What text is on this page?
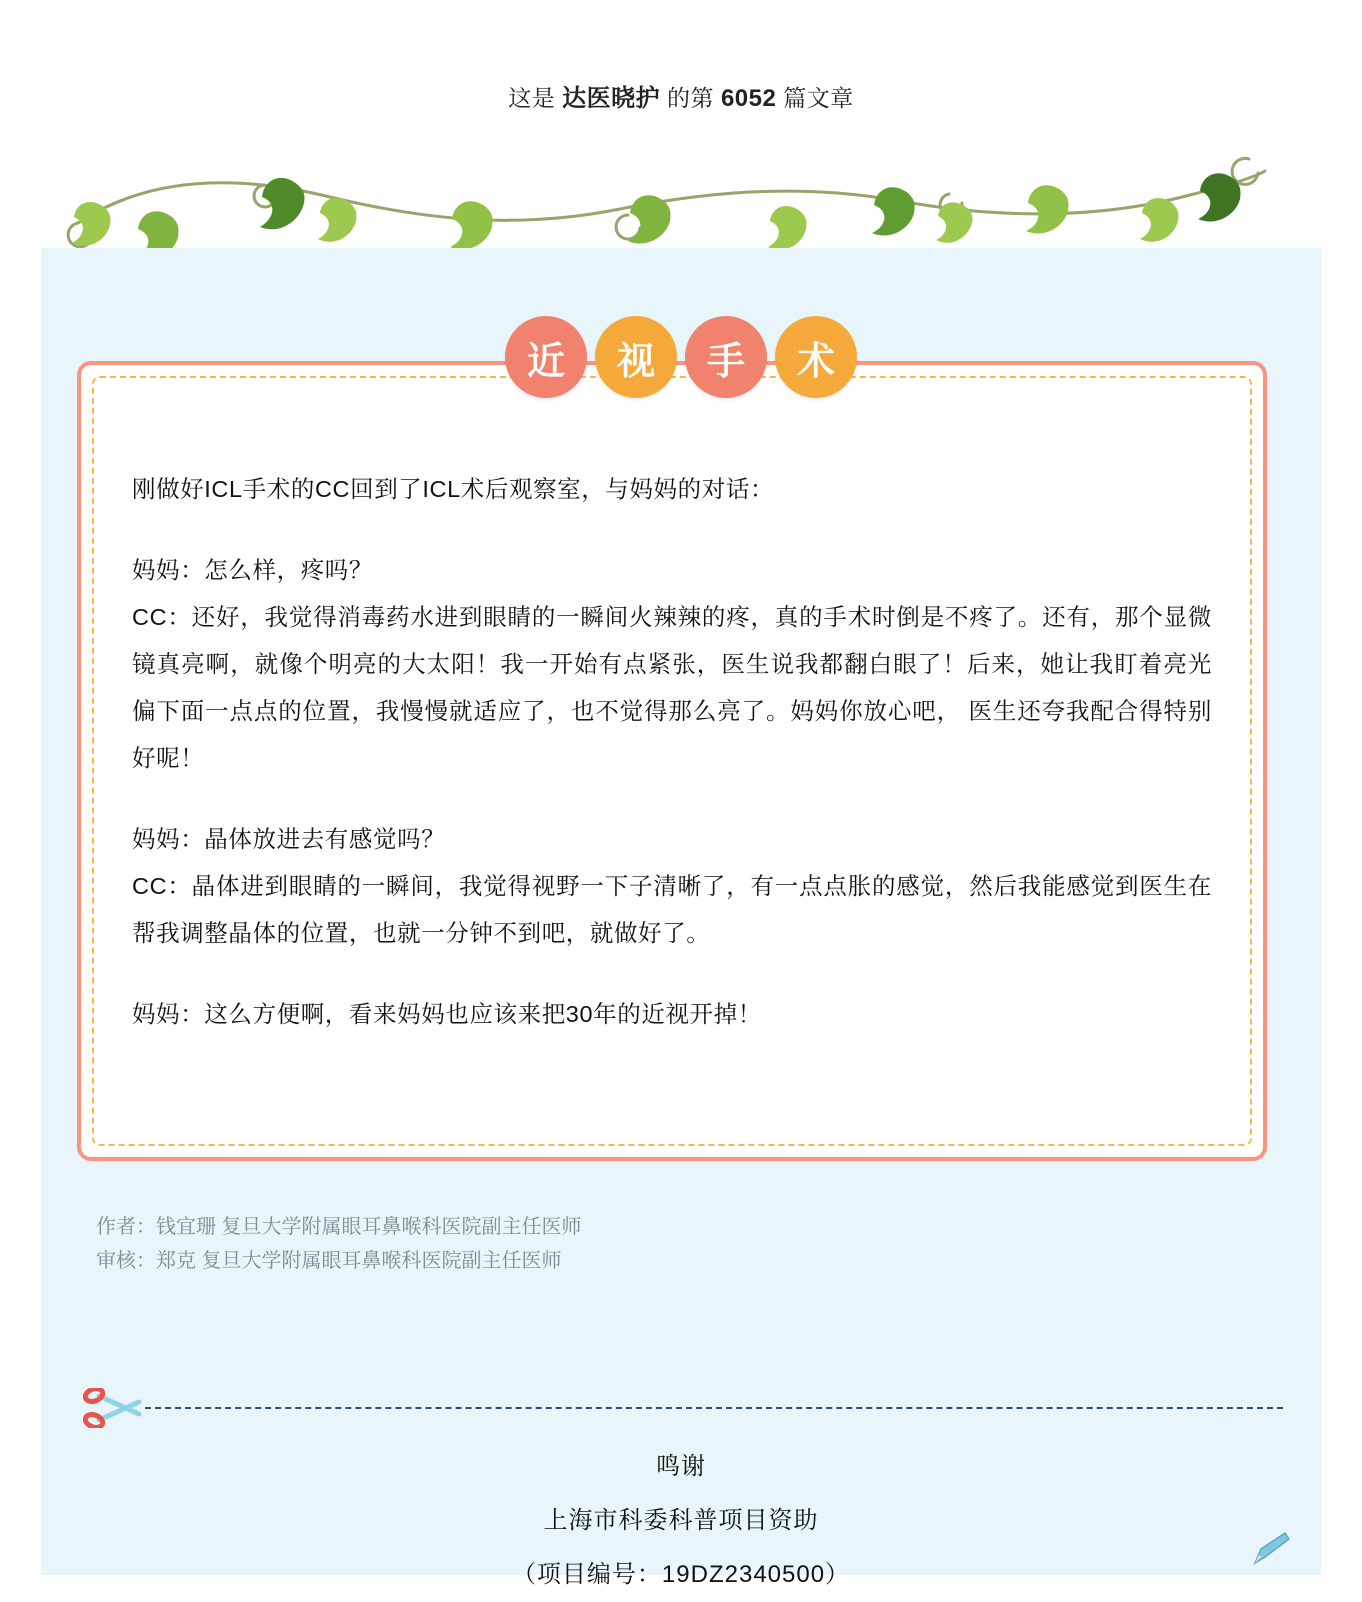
这是 达医晓护 的第 6052 篇文章
近	视	手	术

刚做好ICL手术的CC回到了ICL术后观察室，与妈妈的对话：

妈妈：怎么样，疼吗？
CC：还好，我觉得消毒药水进到眼睛的一瞬间火辣辣的疼，真的手术时倒是不疼了。还有，那个显微镜真亮啊，就像个明亮的大太阳！我一开始有点紧张，医生说我都翻白眼了！后来，她让我盯着亮光偏下面一点点的位置，我慢慢就适应了，也不觉得那么亮了。妈妈你放心吧， 医生还夸我配合得特别好呢！

妈妈：晶体放进去有感觉吗？
CC：晶体进到眼睛的一瞬间，我觉得视野一下子清晰了，有一点点胀的感觉，然后我能感觉到医生在帮我调整晶体的位置，也就一分钟不到吧，就做好了。

妈妈：这么方便啊，看来妈妈也应该来把30年的近视开掉！

作者：钱宜珊 复旦大学附属眼耳鼻喉科医院副主任医师
审核：郑克 复旦大学附属眼耳鼻喉科医院副主任医师
鸣谢
上海市科委科普项目资助
（项目编号：19DZ2340500）
